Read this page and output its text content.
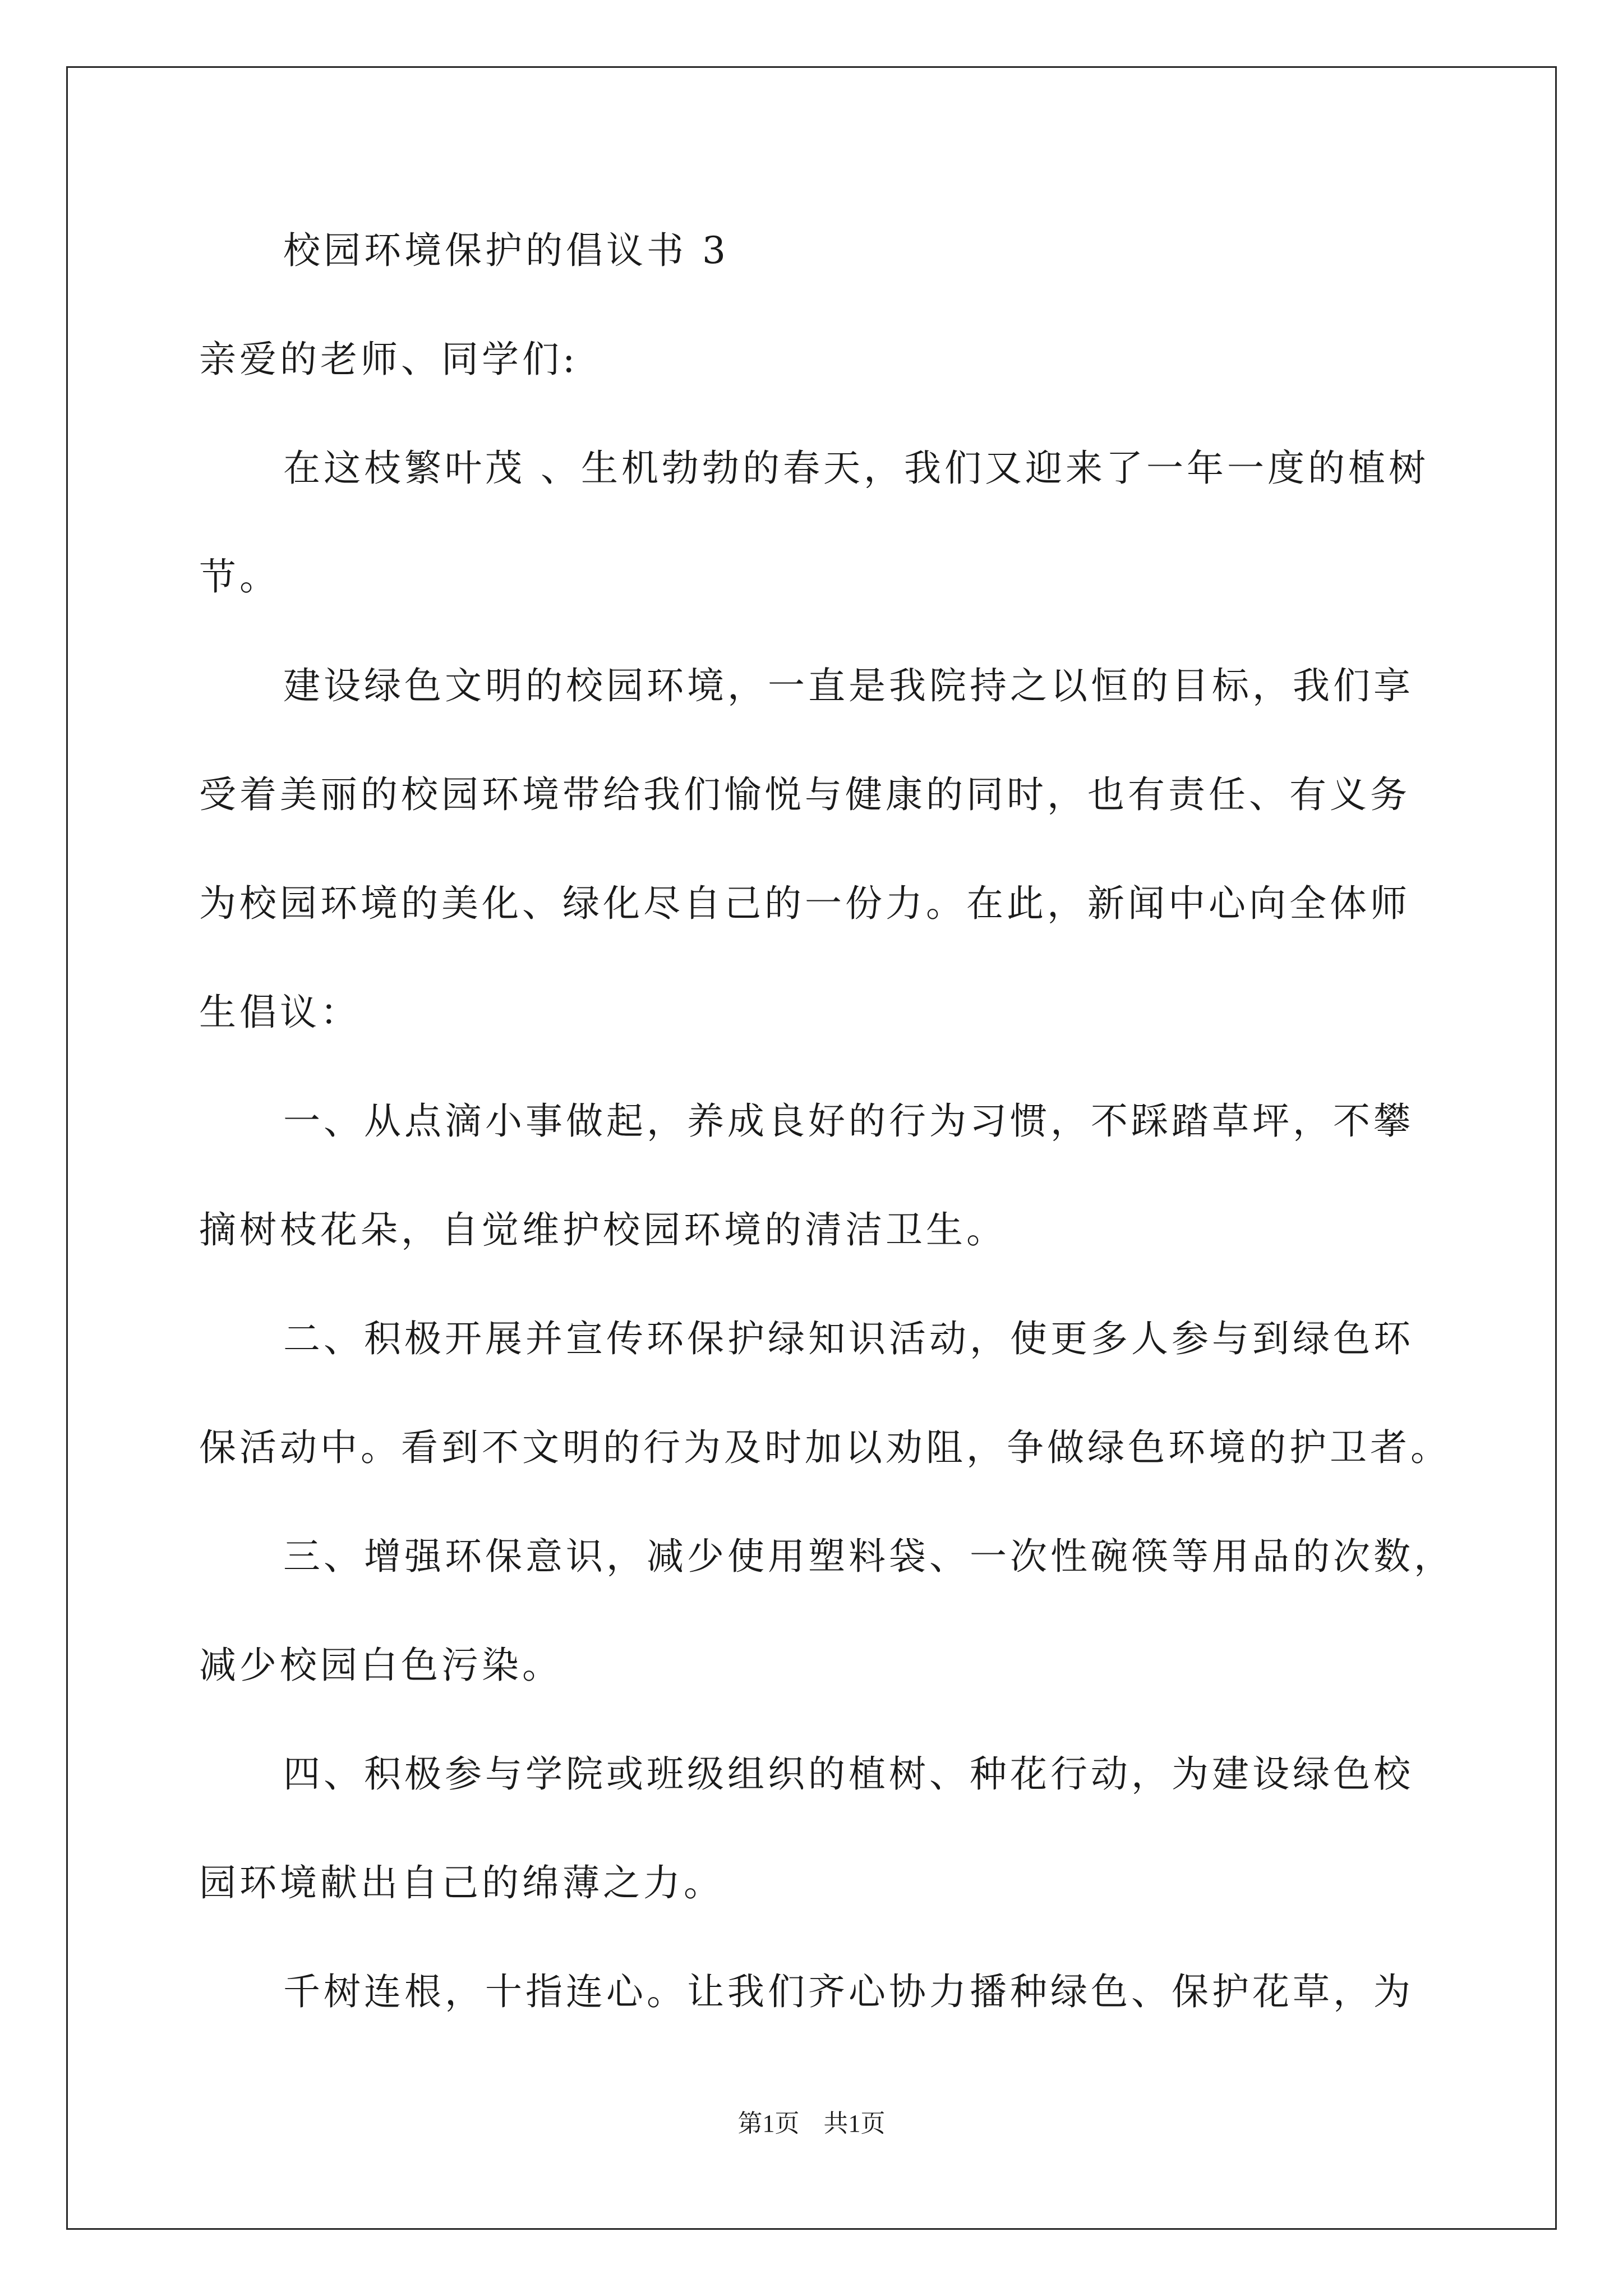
校园环境保护的倡议书 3
亲爱的老师、同学们:
在这枝繁叶茂 、生机勃勃的春天，我们又迎来了一年一度的植树
节。
建设绿色文明的校园环境，一直是我院持之以恒的目标，我们享
受着美丽的校园环境带给我们愉悦与健康的同时，也有责任、有义务
为校园环境的美化、绿化尽自己的一份力。在此，新闻中心向全体师
生倡议：
一、从点滴小事做起，养成良好的行为习惯，不踩踏草坪，不攀
摘树枝花朵，自觉维护校园环境的清洁卫生。
二、积极开展并宣传环保护绿知识活动，使更多人参与到绿色环
保活动中。看到不文明的行为及时加以劝阻，争做绿色环境的护卫者。
三、增强环保意识，减少使用塑料袋、一次性碗筷等用品的次数，
减少校园白色污染。
四、积极参与学院或班级组织的植树、种花行动，为建设绿色校
园环境献出自己的绵薄之力。
千树连根，十指连心。让我们齐心协力播种绿色、保护花草，为
第1页 共1页
